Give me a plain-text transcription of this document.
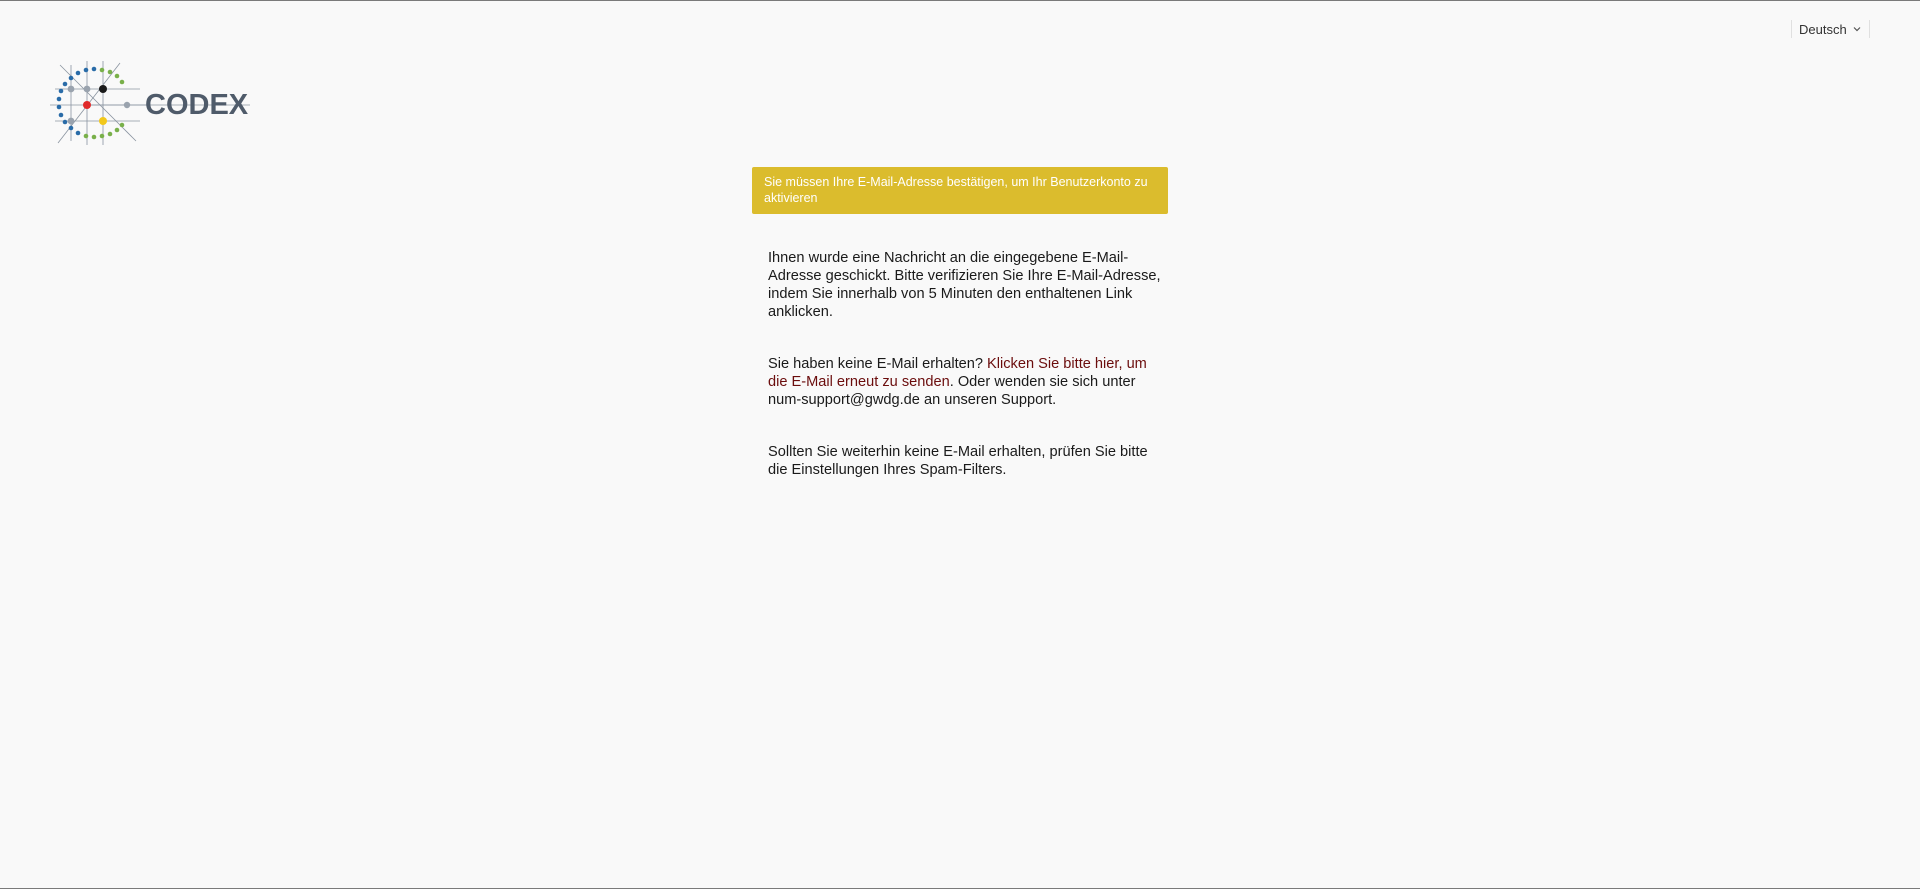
Deutsch
CODEX
Sie müssen Ihre E-Mail-Adresse bestätigen, um Ihr Benutzerkonto zu aktivieren

Ihnen wurde eine Nachricht an die eingegebene E-Mail-Adresse geschickt. Bitte verifizieren Sie Ihre E-Mail-Adresse, indem Sie innerhalb von 5 Minuten den enthaltenen Link anklicken.

Sie haben keine E-Mail erhalten? Klicken Sie bitte hier, um die E-Mail erneut zu senden. Oder wenden sie sich unter num-support@gwdg.de an unseren Support.

Sollten Sie weiterhin keine E-Mail erhalten, prüfen Sie bitte die Einstellungen Ihres Spam-Filters.
